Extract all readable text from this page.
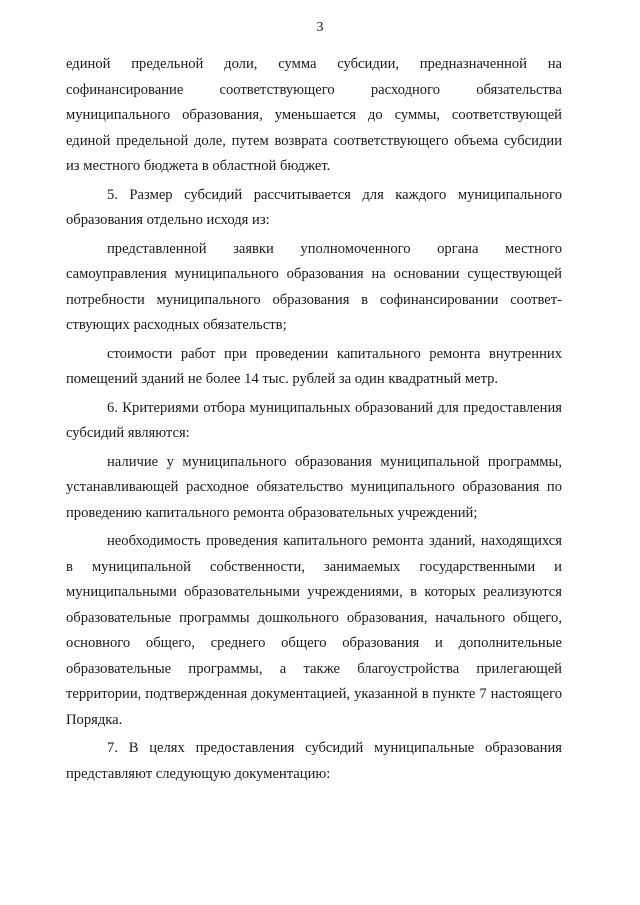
3

единой предельной доли, сумма субсидии, предназначенной на софинансирование соответствующего расходного обязательства муниципального образования, уменьшается до суммы, соответствующей единой предельной доле, путем возврата соответствующего объема субсидии из местного бюджета в областной бюджет.

5. Размер субсидий рассчитывается для каждого муниципального образования отдельно исходя из:

представленной заявки уполномоченного органа местного самоуправления муниципального образования на основании существующей потребности муниципального образования в софинансировании соответствующих расходных обязательств;

стоимости работ при проведении капитального ремонта внутренних помещений зданий не более 14 тыс. рублей за один квадратный метр.

6. Критериями отбора муниципальных образований для предоставления субсидий являются:

наличие у муниципального образования муниципальной программы, устанавливающей расходное обязательство муниципального образования по проведению капитального ремонта образовательных учреждений;

необходимость проведения капитального ремонта зданий, находящихся в муниципальной собственности, занимаемых государственными и муниципальными образовательными учреждениями, в которых реализуются образовательные программы дошкольного образования, начального общего, основного общего, среднего общего образования и дополнительные образовательные программы, а также благоустройства прилегающей территории, подтвержденная документацией, указанной в пункте 7 настоящего Порядка.

7. В целях предоставления субсидий муниципальные образования представляют следующую документацию:
